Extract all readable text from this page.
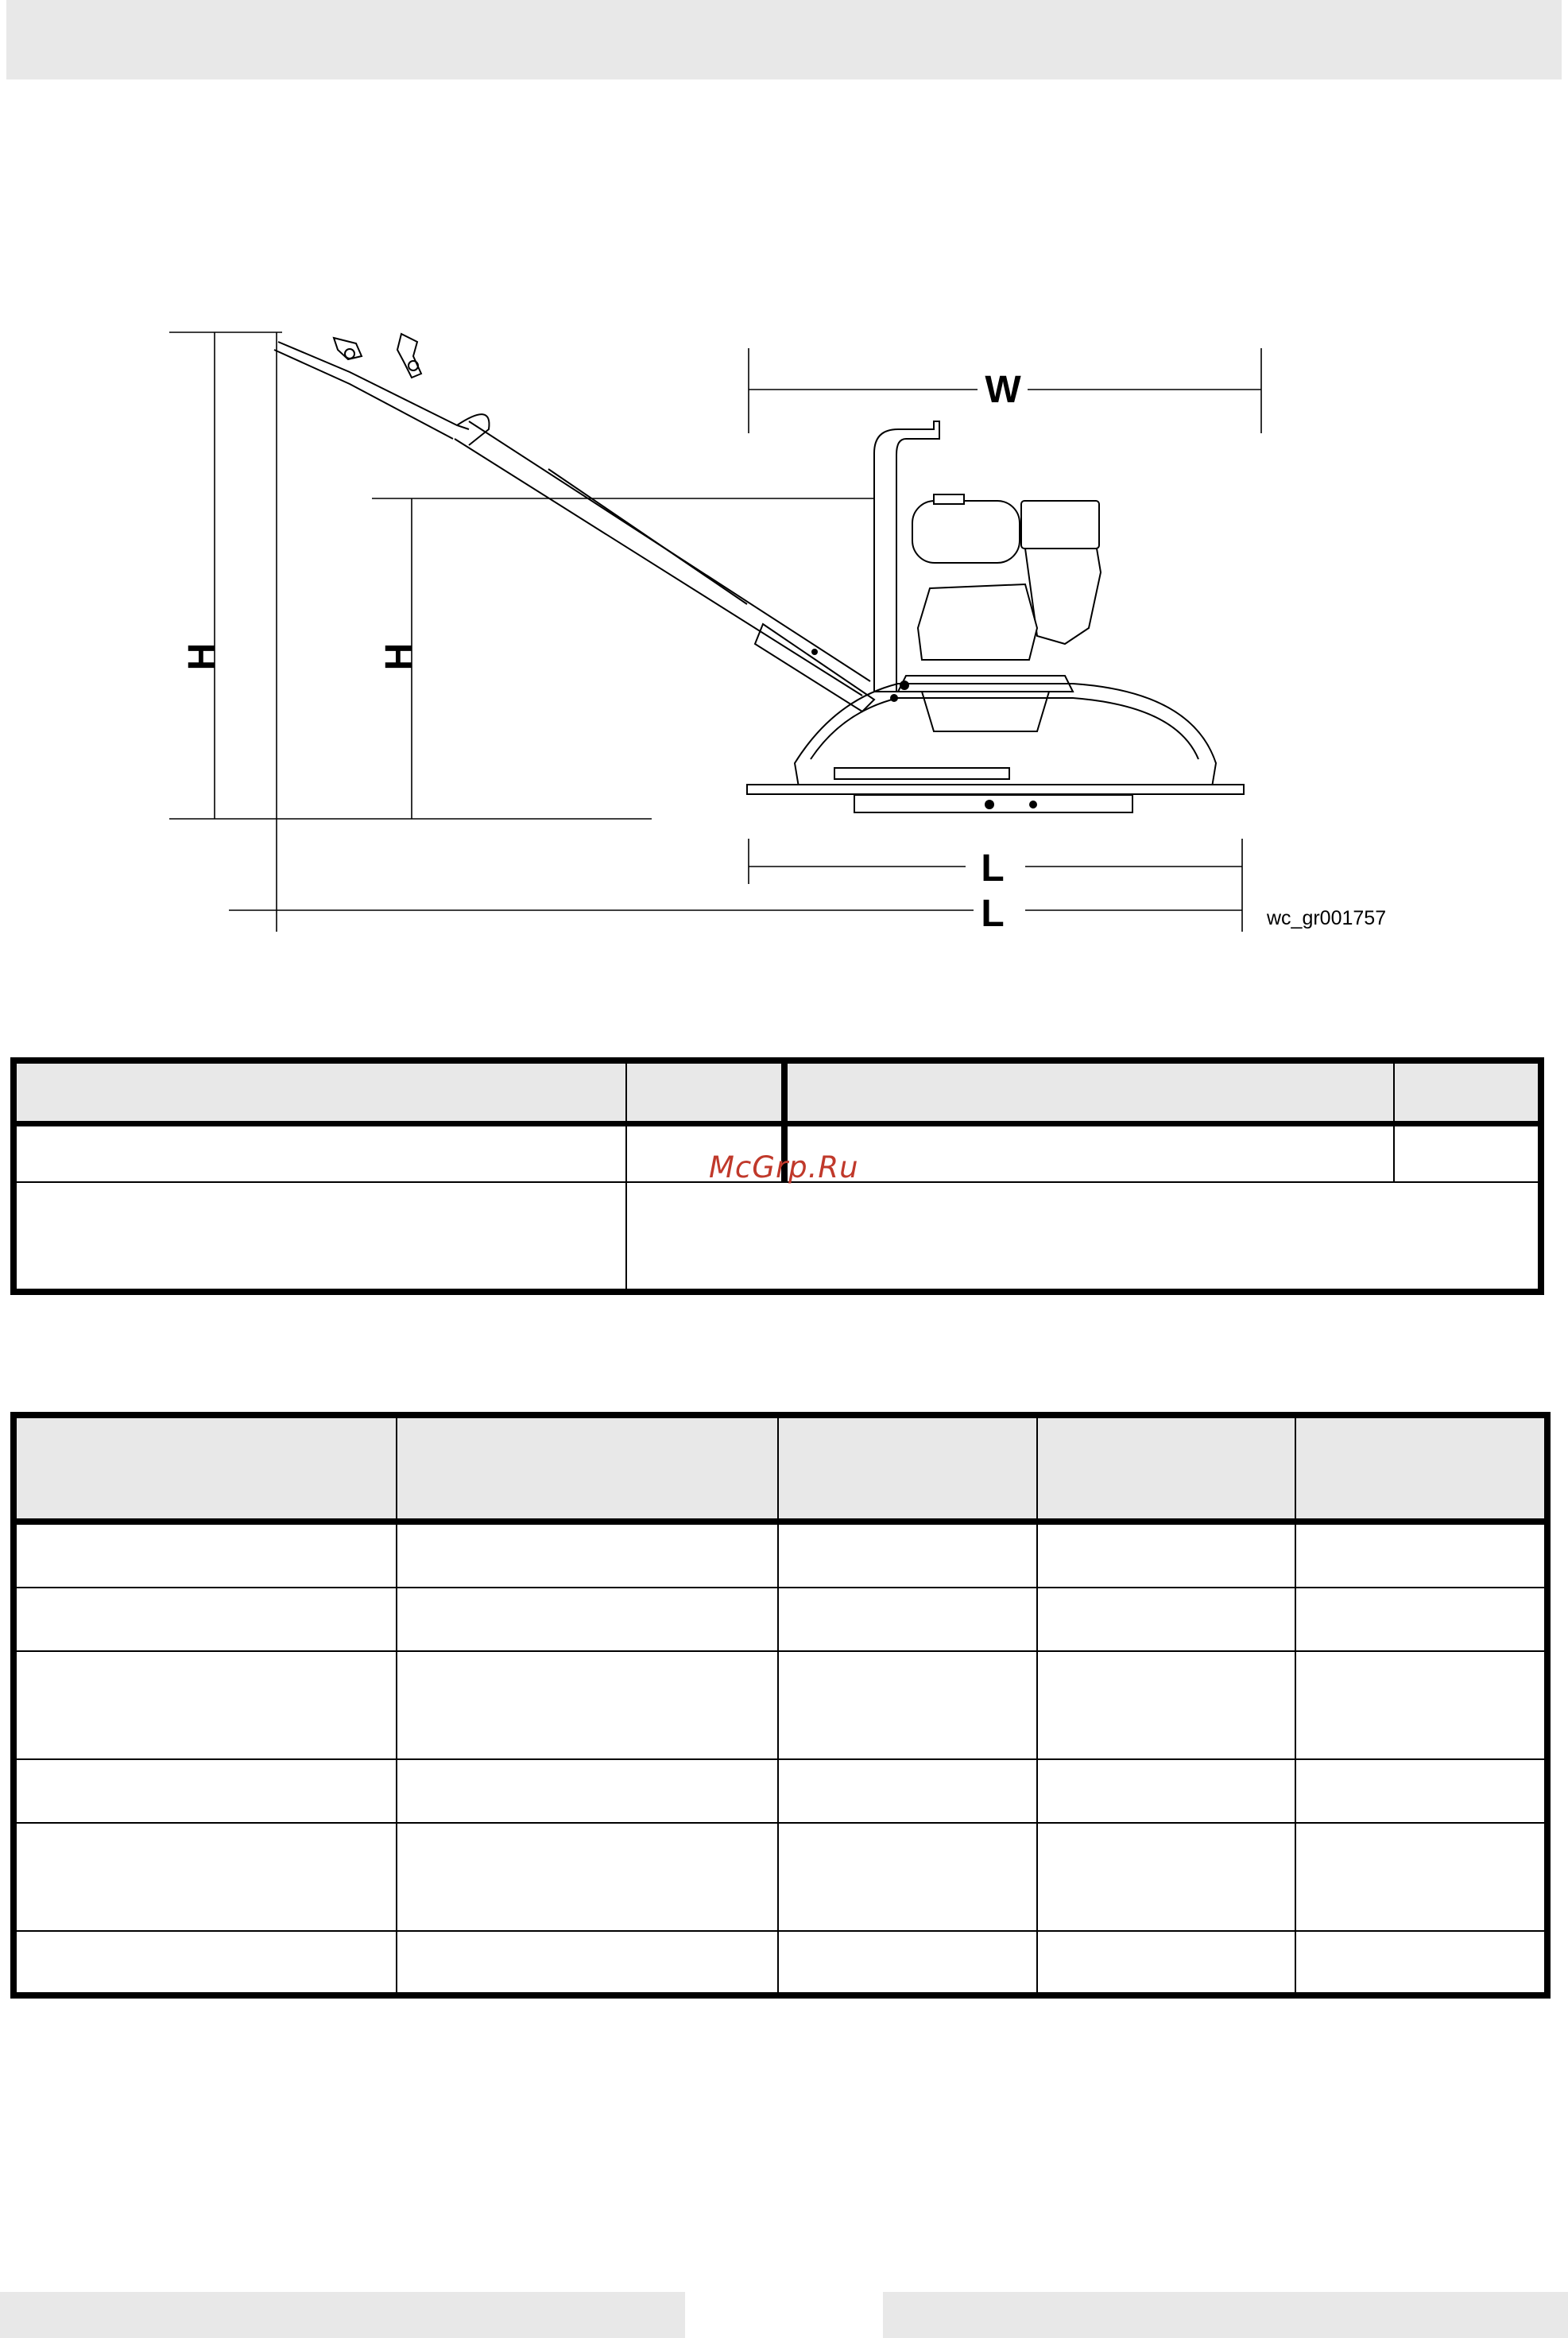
W
L
L
H	H
wc_gr001757
McGrp.Ru
